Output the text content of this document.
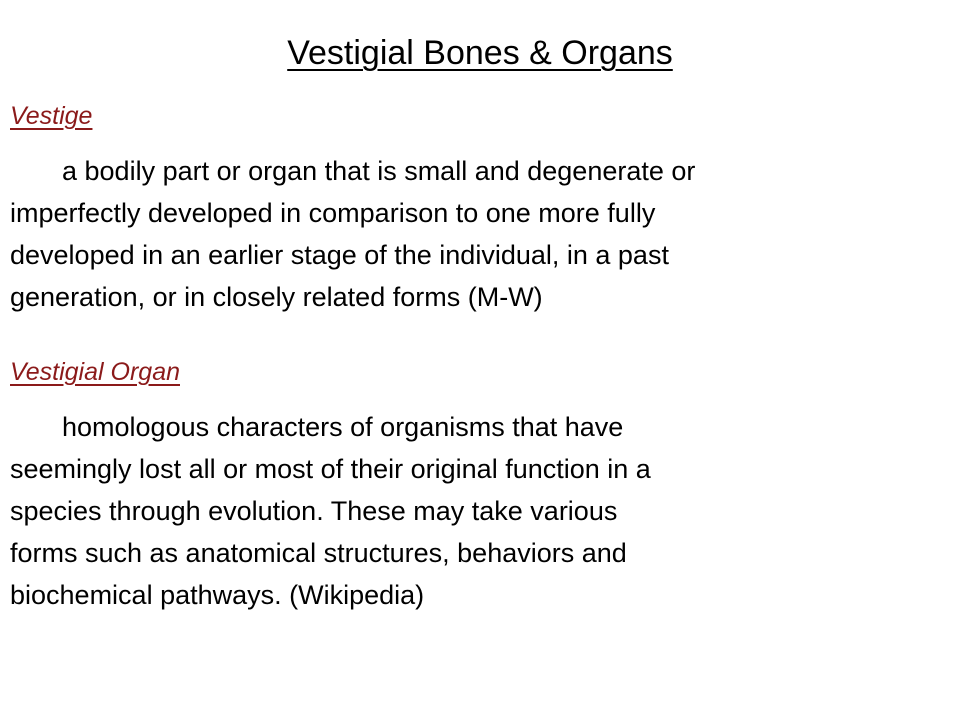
Vestigial Bones & Organs
Vestige

a bodily part or organ that is small and degenerate or
imperfectly developed in comparison to one more fully
developed in an earlier stage of the individual, in a past
generation, or in closely related forms (M-W)

Vestigial Organ

homologous characters of organisms that have
seemingly lost all or most of their original function in a
species through evolution. These may take various
forms such as anatomical structures, behaviors and
biochemical pathways. (Wikipedia)
